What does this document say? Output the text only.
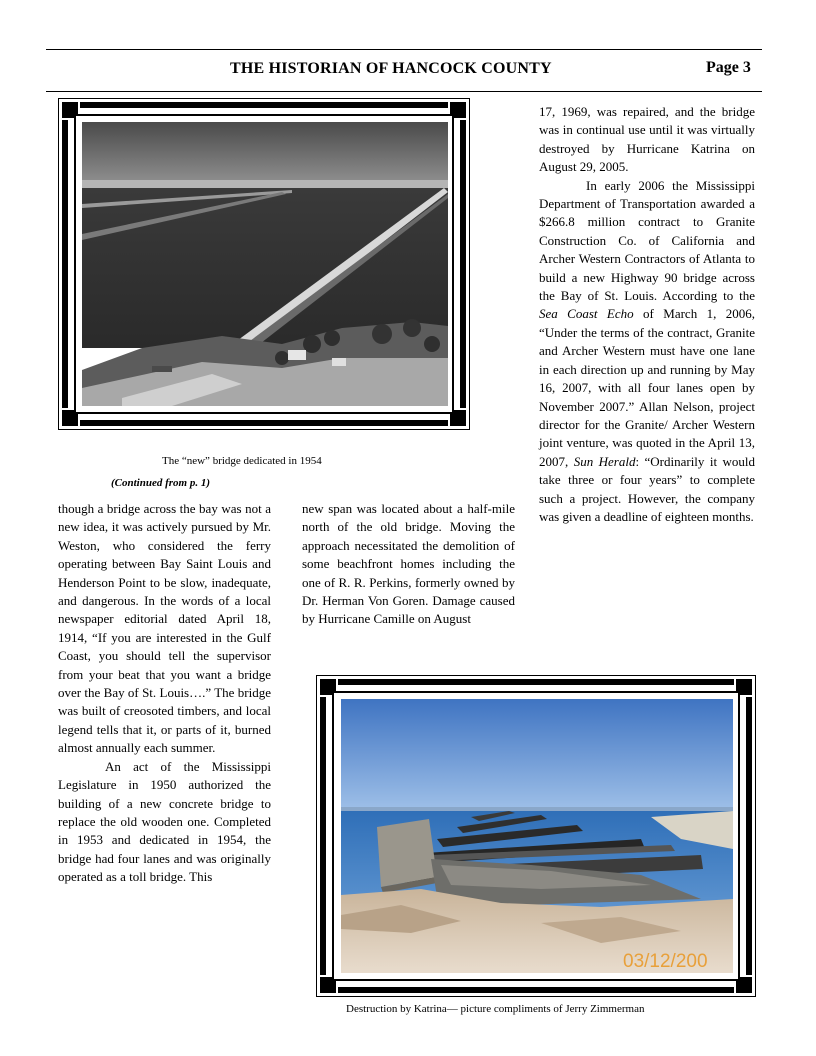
THE HISTORIAN OF HANCOCK COUNTY	Page 3
The “new” bridge dedicated in 1954
(Continued from p. 1)

though a bridge across the bay was not a new idea, it was actively pursued by Mr. Weston, who considered the ferry operating between Bay Saint Louis and Henderson Point to be slow, inadequate, and dangerous. In the words of a local newspaper editorial dated April 18, 1914, “If you are interested in the Gulf Coast, you should tell the supervisor from your beat that you want a bridge over the Bay of St. Louis….” The bridge was built of creosoted timbers, and local legend tells that it, or parts of it, burned almost annually each summer.

An act of the Mississippi Legislature in 1950 authorized the building of a new concrete bridge to replace the old wooden one. Completed in 1953 and dedicated in 1954, the bridge had four lanes and was originally operated as a toll bridge. This

new span was located about a half-mile north of the old bridge. Moving the approach necessitated the demolition of some beachfront homes including the one of R. R. Perkins, formerly owned by Dr. Herman Von Goren. Damage caused by Hurricane Camille on August

17, 1969, was repaired, and the bridge was in continual use until it was virtually destroyed by Hurricane Katrina on August 29, 2005.

In early 2006 the Mississippi Department of Transportation awarded a $266.8 million contract to Granite Construction Co. of California and Archer Western Contractors of Atlanta to build a new Highway 90 bridge across the Bay of St. Louis. According to the Sea Coast Echo of March 1, 2006, “Under the terms of the contract, Granite and Archer Western must have one lane in each direction up and running by May 16, 2007, with all four lanes open by November 2007.” Allan Nelson, project director for the Granite/ Archer Western joint venture, was quoted in the April 13, 2007, Sun Herald: “Ordinarily it would take three or four years” to complete such a project. However, the company was given a deadline of eighteen months.

03/12/200
Destruction by Katrina— picture compliments of Jerry Zimmerman
